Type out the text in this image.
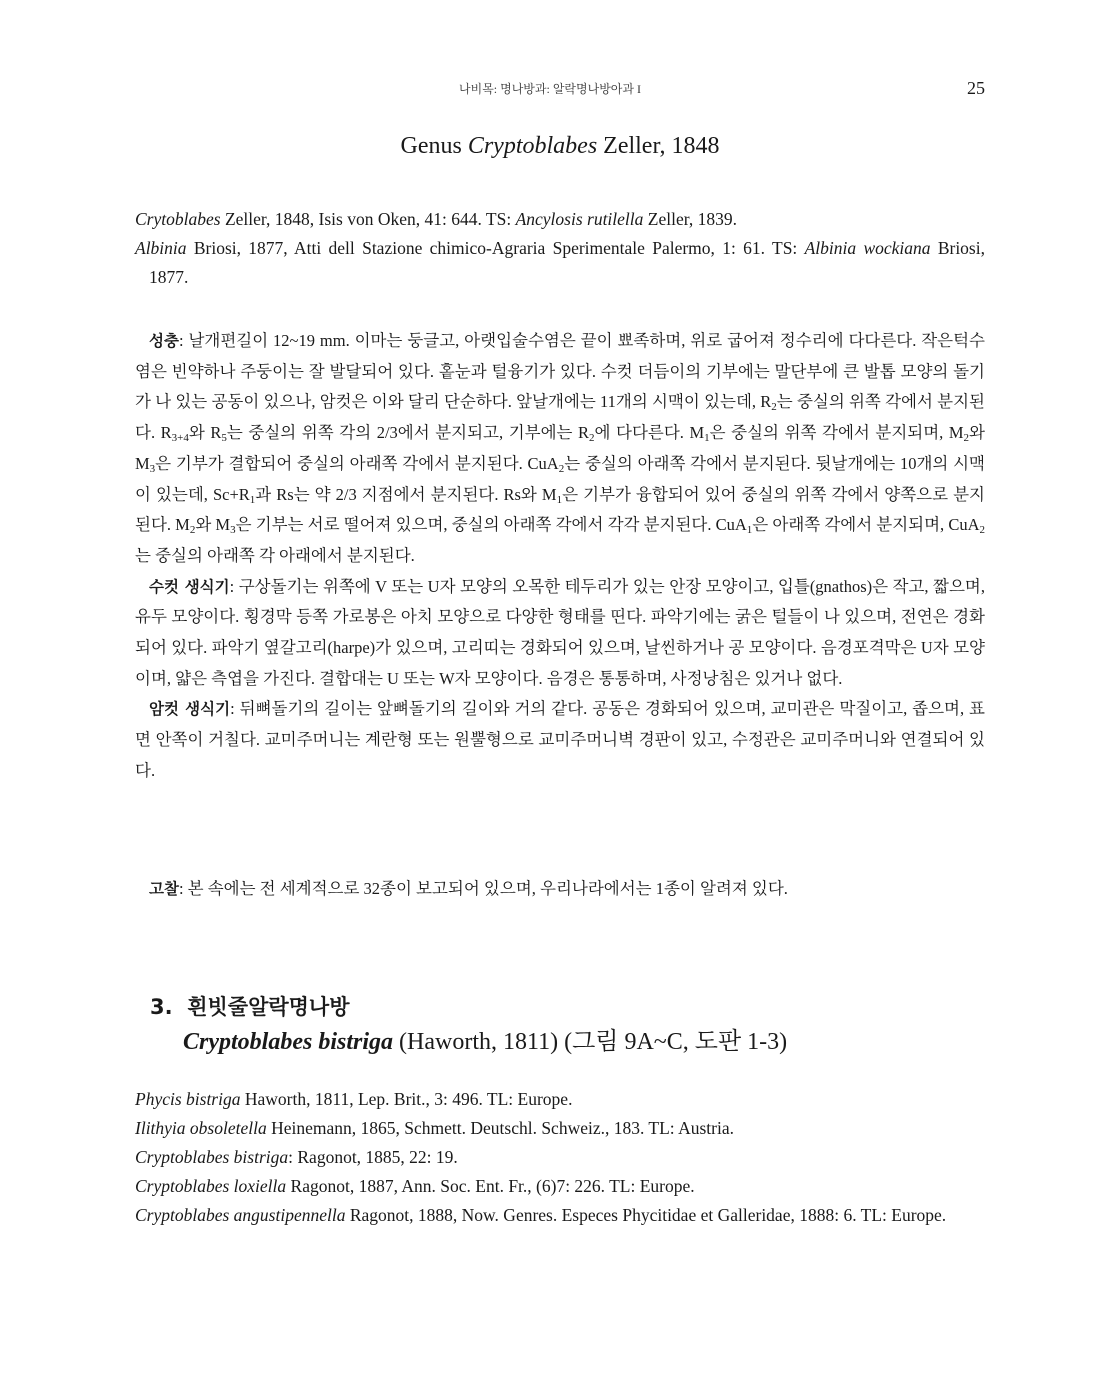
나비목: 명나방과: 알락명나방아과 I	25
Genus Cryptoblabes Zeller, 1848

Crytoblabes Zeller, 1848, Isis von Oken, 41: 644. TS: Ancylosis rutilella Zeller, 1839.

Albinia Briosi, 1877, Atti dell Stazione chimico-Agraria Sperimentale Palermo, 1: 61. TS: Albinia wockiana Briosi, 1877.

성충: 날개편길이 12~19 mm. 이마는 둥글고, 아랫입술수염은 끝이 뾰족하며, 위로 굽어져 정수리에 다다른다. 작은턱수염은 빈약하나 주둥이는 잘 발달되어 있다. 홑눈과 털융기가 있다. 수컷 더듬이의 기부에는 말단부에 큰 발톱 모양의 돌기가 나 있는 공동이 있으나, 암컷은 이와 달리 단순하다. 앞날개에는 11개의 시맥이 있는데, $R_2$는 중실의 위쪽 각에서 분지된다. $R_{3+4}$와 $R_5$는 중실의 위쪽 각의 2/3에서 분지되고, 기부에는 $R_2$에 다다른다. $M_1$은 중실의 위쪽 각에서 분지되며, $M_2$와 $M_3$은 기부가 결합되어 중실의 아래쪽 각에서 분지된다. CuA$_2$는 중실의 아래쪽 각에서 분지된다. 뒷날개에는 10개의 시맥이 있는데, $Sc+R_1$과 Rs는 약 2/3 지점에서 분지된다. Rs와 $M_1$은 기부가 융합되어 있어 중실의 위쪽 각에서 양쪽으로 분지된다. $M_2$와 $M_3$은 기부는 서로 떨어져 있으며, 중실의 아래쪽 각에서 각각 분지된다. CuA$_1$은 아래쪽 각에서 분지되며, CuA$_2$는 중실의 아래쪽 각 아래에서 분지된다.

수컷 생식기: 구상돌기는 위쪽에 V 또는 U자 모양의 오목한 테두리가 있는 안장 모양이고, 입틀(gnathos)은 작고, 짧으며, 유두 모양이다. 횡경막 등쪽 가로봉은 아치 모양으로 다양한 형태를 띤다. 파악기에는 굵은 털들이 나 있으며, 전연은 경화되어 있다. 파악기 옆갈고리(harpe)가 있으며, 고리띠는 경화되어 있으며, 날씬하거나 공 모양이다. 음경포격막은 U자 모양이며, 얇은 측엽을 가진다. 결합대는 U 또는 W자 모양이다. 음경은 통통하며, 사정낭침은 있거나 없다.

암컷 생식기: 뒤뼈돌기의 길이는 앞뼈돌기의 길이와 거의 같다. 공동은 경화되어 있으며, 교미관은 막질이고, 좁으며, 표면 안쪽이 거칠다. 교미주머니는 계란형 또는 원뿔형으로 교미주머니벽 경판이 있고, 수정관은 교미주머니와 연결되어 있다.

고찰: 본 속에는 전 세계적으로 32종이 보고되어 있으며, 우리나라에서는 1종이 알려져 있다.

3. 흰빗줄알락명나방
Cryptoblabes bistriga (Haworth, 1811) (그림 9A~C, 도판 1-3)

Phycis bistriga Haworth, 1811, Lep. Brit., 3: 496. TL: Europe.

Ilithyia obsoletella Heinemann, 1865, Schmett. Deutschl. Schweiz., 183. TL: Austria.

Cryptoblabes bistriga: Ragonot, 1885, 22: 19.

Cryptoblabes loxiella Ragonot, 1887, Ann. Soc. Ent. Fr., (6)7: 226. TL: Europe.

Cryptoblabes angustipennella Ragonot, 1888, Now. Genres. Especes Phycitidae et Galleridae, 1888: 6. TL: Europe.
